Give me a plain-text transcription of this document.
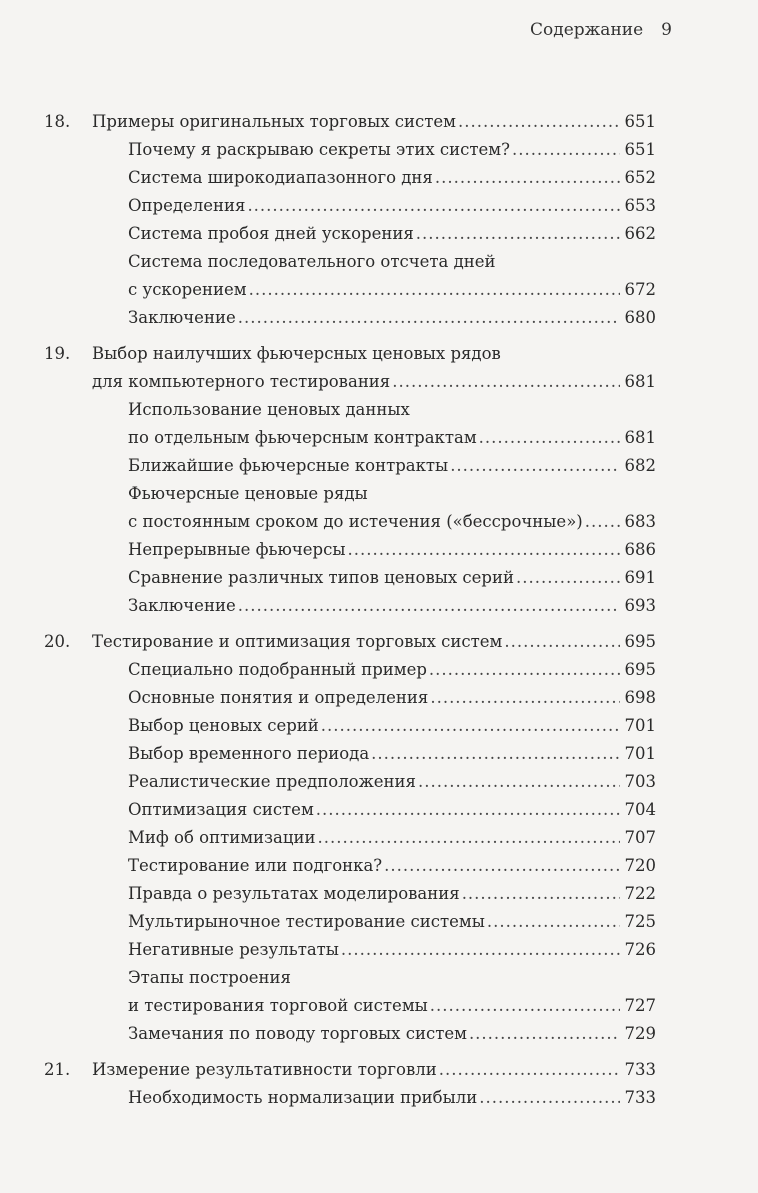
Содержание 9
18.	Примеры оригинальных торговых систем .....	651
Почему я раскрываю секреты этих систем? .....	651
Система широкодиапазонного дня .....	652
Определения .....	653
Система пробоя дней ускорения .....	662
Система последовательного отсчета дней
с ускорением .....	672
Заключение .....	680
19.	Выбор наилучших фьючерсных ценовых рядов
для компьютерного тестирования .....	681
Использование ценовых данных
по отдельным фьючерсным контрактам .....	681
Ближайшие фьючерсные контракты .....	682
Фьючерсные ценовые ряды
с постоянным сроком до истечения («бессрочные») .....	683
Непрерывные фьючерсы .....	686
Сравнение различных типов ценовых серий .....	691
Заключение .....	693
20.	Тестирование и оптимизация торговых систем .....	695
Специально подобранный пример .....	695
Основные понятия и определения .....	698
Выбор ценовых серий .....	701
Выбор временного периода .....	701
Реалистические предположения .....	703
Оптимизация систем .....	704
Миф об оптимизации .....	707
Тестирование или подгонка? .....	720
Правда о результатах моделирования .....	722
Мультирыночное тестирование системы .....	725
Негативные результаты .....	726
Этапы построения
и тестирования торговой системы .....	727
Замечания по поводу торговых систем .....	729
21.	Измерение результативности торговли .....	733
Необходимость нормализации прибыли .....	733
